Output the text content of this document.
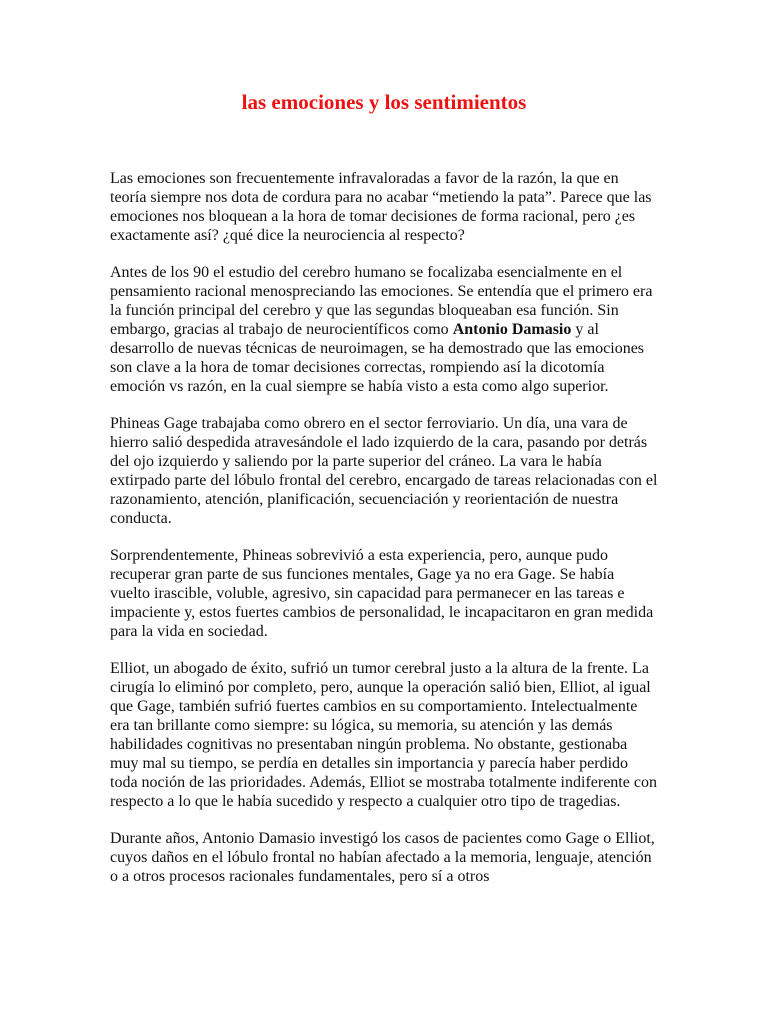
las emociones y los sentimientos

Las emociones son frecuentemente infravaloradas a favor de la razón, la que en teoría siempre nos dota de cordura para no acabar “metiendo la pata”. Parece que las emociones nos bloquean a la hora de tomar decisiones de forma racional, pero ¿es exactamente así? ¿qué dice la neurociencia al respecto?

Antes de los 90 el estudio del cerebro humano se focalizaba esencialmente en el pensamiento racional menospreciando las emociones. Se entendía que el primero era la función principal del cerebro y que las segundas bloqueaban esa función. Sin embargo, gracias al trabajo de neurocientíficos como Antonio Damasio y al desarrollo de nuevas técnicas de neuroimagen, se ha demostrado que las emociones son clave a la hora de tomar decisiones correctas, rompiendo así la dicotomía emoción vs razón, en la cual siempre se había visto a esta como algo superior.

Phineas Gage trabajaba como obrero en el sector ferroviario. Un día, una vara de hierro salió despedida atravesándole el lado izquierdo de la cara, pasando por detrás del ojo izquierdo y saliendo por la parte superior del cráneo. La vara le había extirpado parte del lóbulo frontal del cerebro, encargado de tareas relacionadas con el razonamiento, atención, planificación, secuenciación y reorientación de nuestra conducta.

Sorprendentemente, Phineas sobrevivió a esta experiencia, pero, aunque pudo recuperar gran parte de sus funciones mentales, Gage ya no era Gage. Se había vuelto irascible, voluble, agresivo, sin capacidad para permanecer en las tareas e impaciente y, estos fuertes cambios de personalidad, le incapacitaron en gran medida para la vida en sociedad.

Elliot, un abogado de éxito, sufrió un tumor cerebral justo a la altura de la frente. La cirugía lo eliminó por completo, pero, aunque la operación salió bien, Elliot, al igual que Gage, también sufrió fuertes cambios en su comportamiento. Intelectualmente era tan brillante como siempre: su lógica, su memoria, su atención y las demás habilidades cognitivas no presentaban ningún problema. No obstante, gestionaba muy mal su tiempo, se perdía en detalles sin importancia y parecía haber perdido toda noción de las prioridades. Además, Elliot se mostraba totalmente indiferente con respecto a lo que le había sucedido y respecto a cualquier otro tipo de tragedias.

Durante años, Antonio Damasio investigó los casos de pacientes como Gage o Elliot, cuyos daños en el lóbulo frontal no habían afectado a la memoria, lenguaje, atención o a otros procesos racionales fundamentales, pero sí a otros
